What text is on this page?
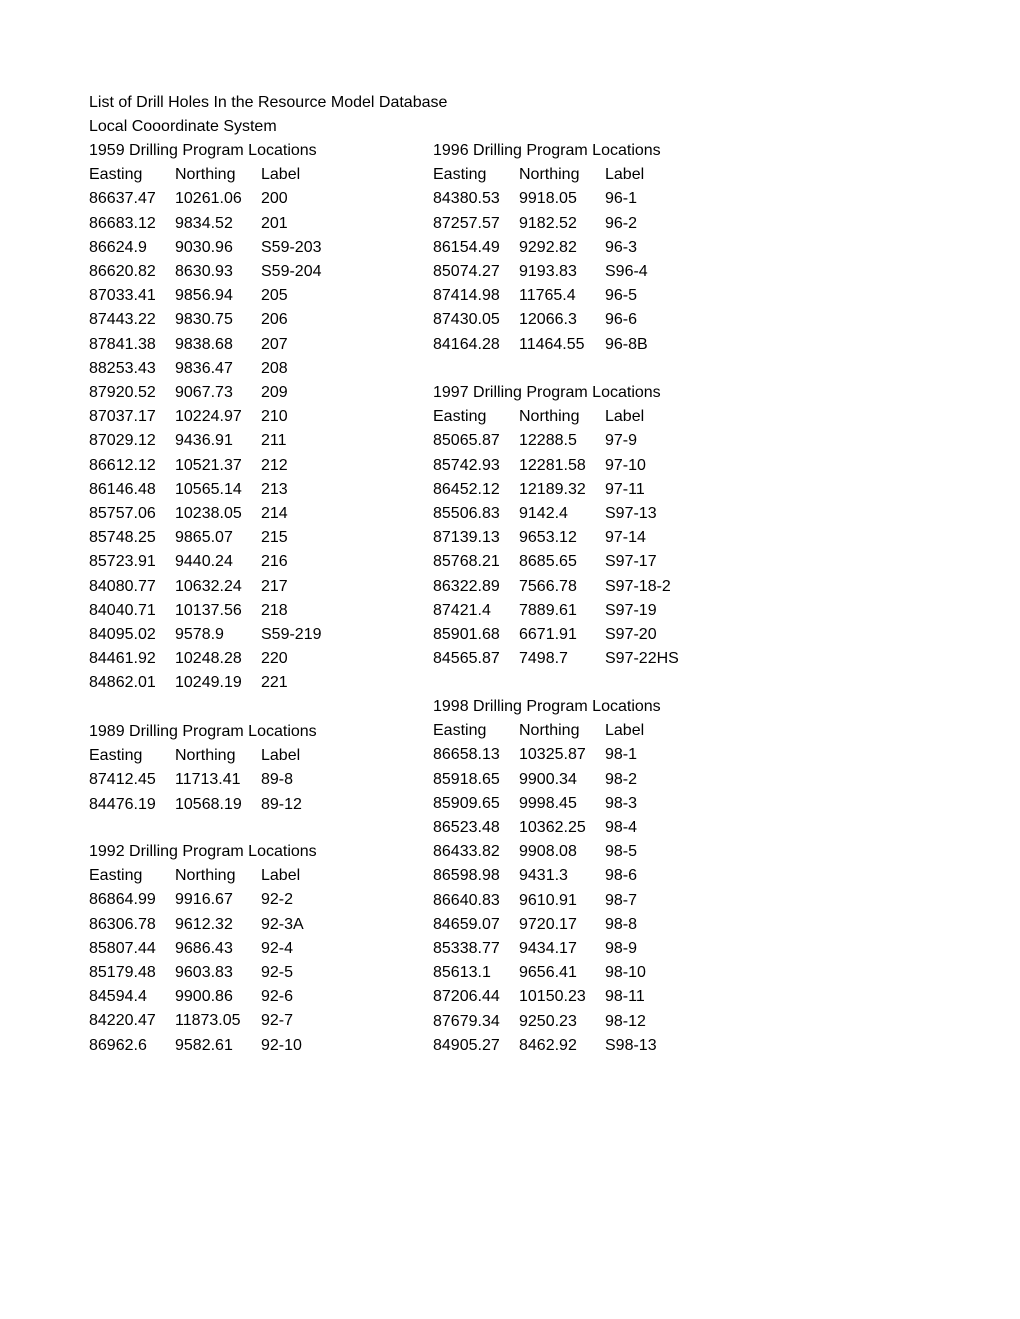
List of Drill Holes In the Resource Model Database
Local Cooordinate System
1959 Drilling Program Locations
Easting Northing Label
86637.47 10261.06 200
86683.12 9834.52 201
86624.9 9030.96 S59-203
86620.82 8630.93 S59-204
87033.41 9856.94 205
87443.22 9830.75 206
87841.38 9838.68 207
88253.43 9836.47 208
87920.52 9067.73 209
87037.17 10224.97 210
87029.12 9436.91 211
86612.12 10521.37 212
86146.48 10565.14 213
85757.06 10238.05 214
85748.25 9865.07 215
85723.91 9440.24 216
84080.77 10632.24 217
84040.71 10137.56 218
84095.02 9578.9 S59-219
84461.92 10248.28 220
84862.01 10249.19 221
1989 Drilling Program Locations
Easting Northing Label
87412.45 11713.41 89-8
84476.19 10568.19 89-12
1992 Drilling Program Locations
Easting Northing Label
86864.99 9916.67 92-2
86306.78 9612.32 92-3A
85807.44 9686.43 92-4
85179.48 9603.83 92-5
84594.4 9900.86 92-6
84220.47 11873.05 92-7
86962.6 9582.61 92-10
1996 Drilling Program Locations
Easting Northing Label
84380.53 9918.05 96-1
87257.57 9182.52 96-2
86154.49 9292.82 96-3
85074.27 9193.83 S96-4
87414.98 11765.4 96-5
87430.05 12066.3 96-6
84164.28 11464.55 96-8B
1997 Drilling Program Locations
Easting Northing Label
85065.87 12288.5 97-9
85742.93 12281.58 97-10
86452.12 12189.32 97-11
85506.83 9142.4 S97-13
87139.13 9653.12 97-14
85768.21 8685.65 S97-17
86322.89 7566.78 S97-18-2
87421.4 7889.61 S97-19
85901.68 6671.91 S97-20
84565.87 7498.7 S97-22HS
1998 Drilling Program Locations
Easting Northing Label
86658.13 10325.87 98-1
85918.65 9900.34 98-2
85909.65 9998.45 98-3
86523.48 10362.25 98-4
86433.82 9908.08 98-5
86598.98 9431.3 98-6
86640.83 9610.91 98-7
84659.07 9720.17 98-8
85338.77 9434.17 98-9
85613.1 9656.41 98-10
87206.44 10150.23 98-11
87679.34 9250.23 98-12
84905.27 8462.92 S98-13
